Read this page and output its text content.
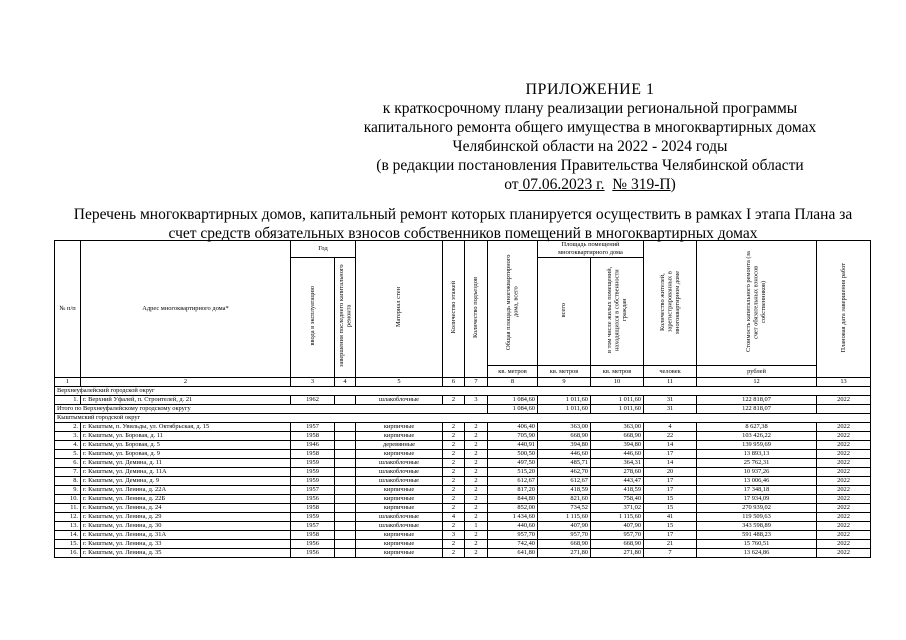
ПРИЛОЖЕНИЕ 1
к краткосрочному плану реализации региональной программы
капитального ремонта общего имущества в многоквартирных домах
Челябинской области на 2022 - 2024 годы
(в редакции постановления Правительства Челябинской области
от 07.06.2023 г. № 319-П)
Перечень многоквартирных домов, капитальный ремонт которых планируется осуществить в рамках I этапа Плана за
счет средств обязательных взносов собственников помещений в многоквартирных домах
№ п/п	Адрес многоквартирного дома*	Год		Материал стен	Количество этажей	Количество подъездов	Общая площадь многоквартирного дома, всего	Площадь помещений многоквартирного дома		Количество жителей, зарегистрированных в многоквартирном доме	Стоимость капитального ремонта (за счет обязательных взносов собственников)	Плановая дата завершения работ
		ввода в эксплуатацию	завершения последнего капитального ремонта					всего	в том числе жилых помещений, находящихся в собственности граждан			
							кв. метров	кв. метров	кв. метров	человек	рублей	
1	2	3	4	5	6	7	8	9	10	11	12	13
Верхнеуфалейский городской округ												
1.	г. Верхний Уфалей, п. Строителей, д. 21	1962		шлакоблочные	2	3	1 084,60	1 011,60	1 011,60	31	122 818,07	2022
Итого по Верхнеуфалейскому городскому округу							1 084,60	1 011,60	1 011,60	31	122 818,07	
Кыштымский городской округ												
2.	г. Кыштым, п. Увильды, ул. Октябрьская, д. 15	1957		кирпичные	2	2	406,40	363,00	363,00	4	8 627,38	2022
3.	г. Кыштым, ул. Боровая, д. 11	1958		кирпичные	2	2	705,90	668,90	668,90	22	103 426,22	2022
4.	г. Кыштым, ул. Боровая, д. 5	1946		деревянные	2	2	440,91	394,80	394,80	14	139 959,69	2022
5.	г. Кыштым, ул. Боровая, д. 9	1958		кирпичные	2	2	500,50	446,60	446,60	17	13 893,13	2022
6.	г. Кыштым, ул. Демина, д. 11	1959		шлакоблочные	2	2	497,50	485,71	364,31	14	25 762,31	2022
7.	г. Кыштым, ул. Демина, д. 11А	1959		шлакоблочные	2	2	515,20	462,70	278,60	20	10 937,26	2022
8.	г. Кыштым, ул. Демина, д. 9	1959		шлакоблочные	2	2	612,67	612,67	443,47	17	13 006,46	2022
9.	г. Кыштым, ул. Ленина, д. 22А	1957		кирпичные	2	2	817,20	418,59	418,59	17	17 348,18	2022
10.	г. Кыштым, ул. Ленина, д. 22Б	1956		кирпичные	2	2	844,80	821,60	758,40	15	17 934,09	2022
11.	г. Кыштым, ул. Ленина, д. 24	1958		кирпичные	2	2	852,00	734,52	371,02	15	270 939,02	2022
12.	г. Кыштым, ул. Ленина, д. 29	1959		шлакоблочные	4	2	1 434,60	1 115,60	1 115,60	41	119 509,63	2022
13.	г. Кыштым, ул. Ленина, д. 30	1957		шлакоблочные	2	1	440,60	407,90	407,90	15	343 598,89	2022
14.	г. Кыштым, ул. Ленина, д. 31А	1958		кирпичные	3	2	957,70	957,70	957,70	17	591 488,23	2022
15.	г. Кыштым, ул. Ленина, д. 33	1956		кирпичные	2	2	742,40	668,90	668,90	21	15 760,51	2022
16.	г. Кыштым, ул. Ленина, д. 35	1956		кирпичные	2	2	641,80	271,80	271,80	7	13 624,86	2022
